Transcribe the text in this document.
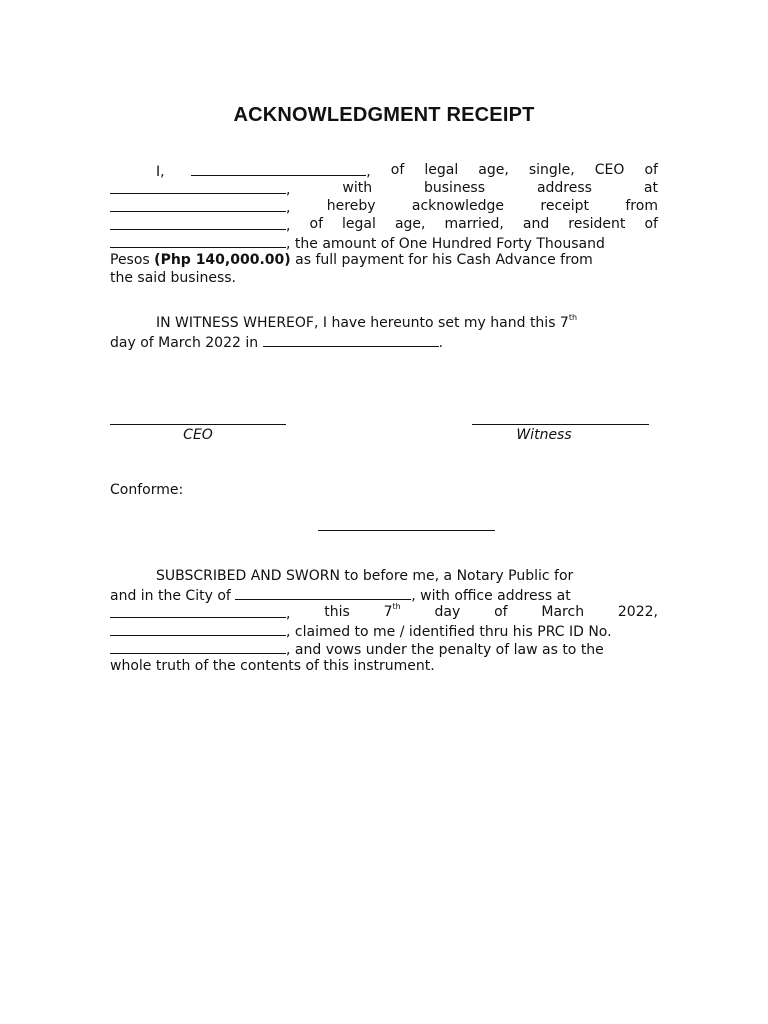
ACKNOWLEDGMENT RECEIPT
I,	, of legal age, single, CEO of
,	with	business	address	at
,	hereby	acknowledge	receipt	from
, of legal age, married, and resident of
, the amount of One Hundred Forty Thousand
Pesos (Php 140,000.00) as full payment for his Cash Advance from
the said business.
IN WITNESS WHEREOF, I have hereunto set my hand this 7th
day of March 2022 in	.
CEO	Witness
Conforme:
SUBSCRIBED AND SWORN to before me, a Notary Public for
and in the City of	, with office address at
, this 7th day of March 2022,
, claimed to me / identified thru his PRC ID No.
, and vows under the penalty of law as to the
whole truth of the contents of this instrument.
